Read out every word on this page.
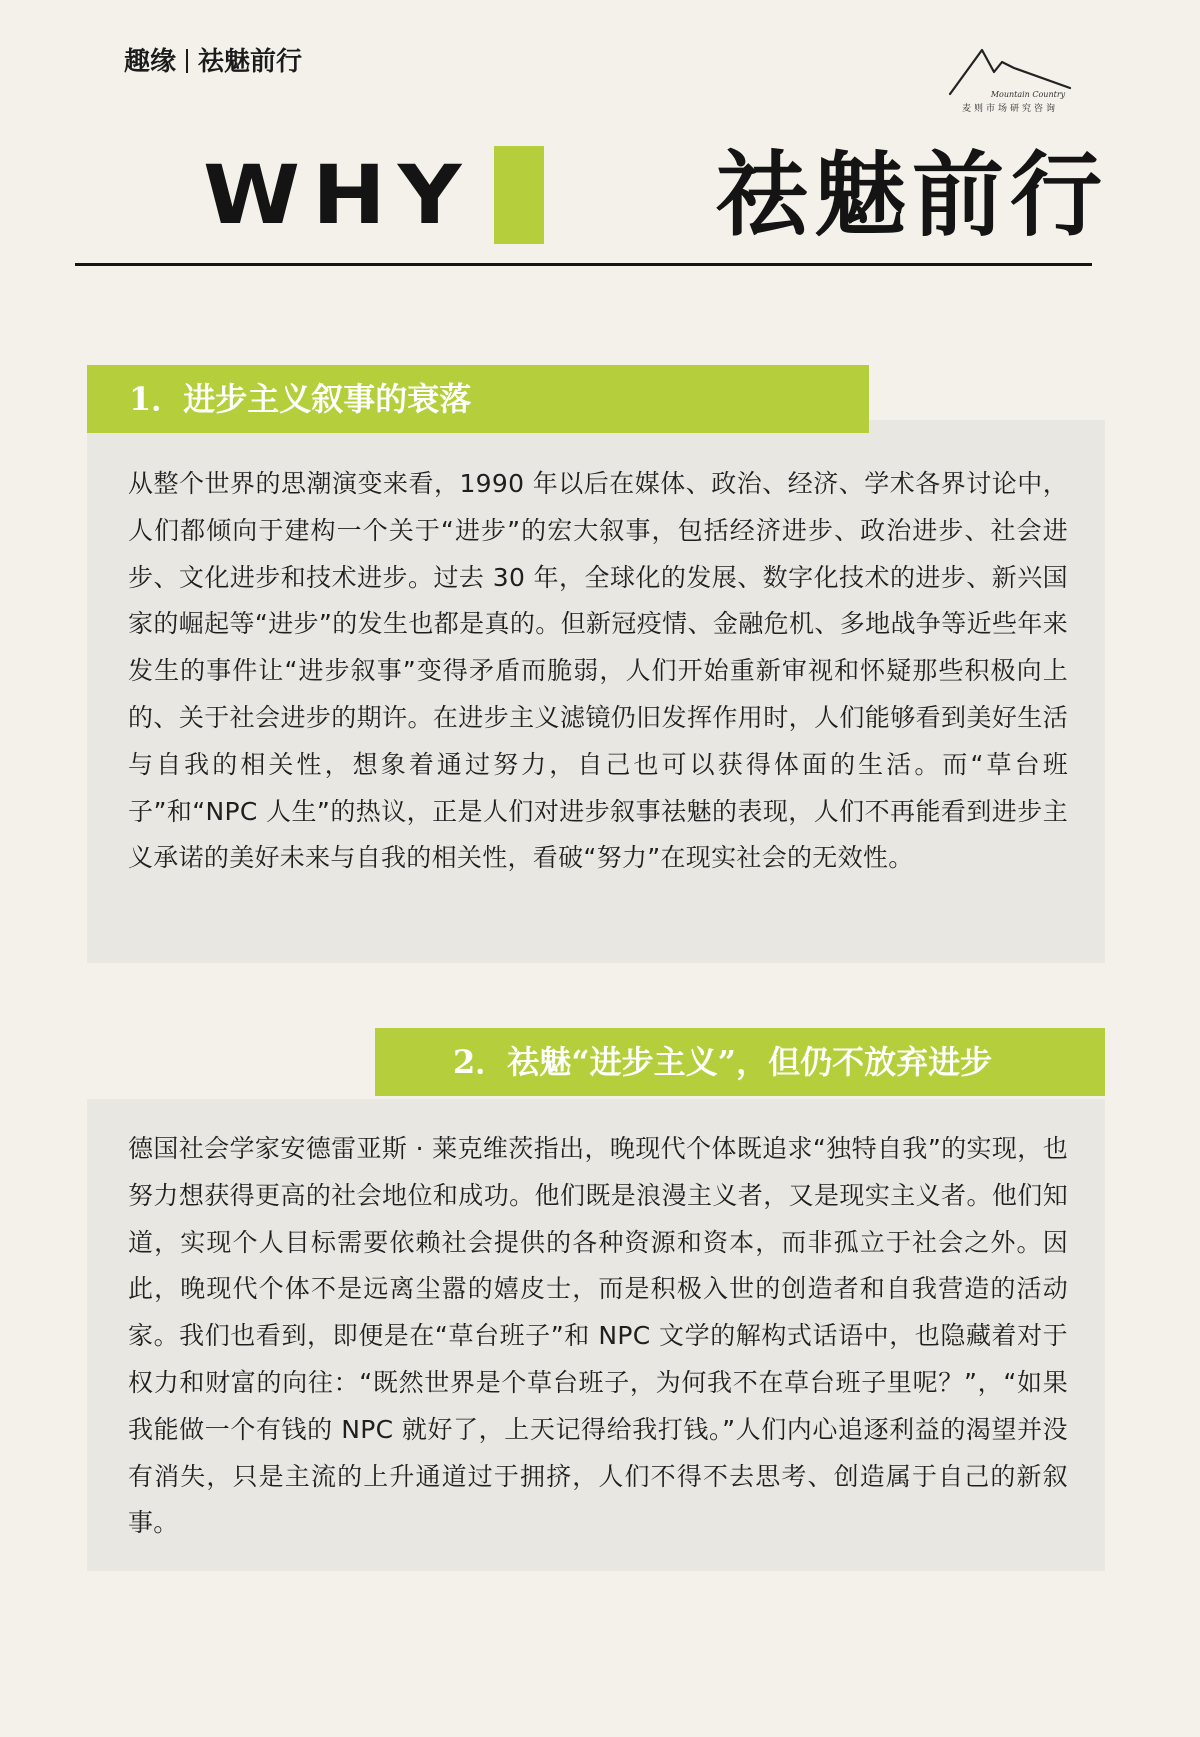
趣缘 祛魅前行
Mountain Country
麦则市场研究咨询
WHY	祛魅前行
1．进步主义叙事的衰落
从整个世界的思潮演变来看，1990 年以后在媒体、政治、经济、学术各界讨论中，人们都倾向于建构一个关于“进步”的宏大叙事，包括经济进步、政治进步、社会进步、文化进步和技术进步。过去 30 年，全球化的发展、数字化技术的进步、新兴国家的崛起等“进步”的发生也都是真的。但新冠疫情、金融危机、多地战争等近些年来发生的事件让“进步叙事”变得矛盾而脆弱，人们开始重新审视和怀疑那些积极向上的、关于社会进步的期许。在进步主义滤镜仍旧发挥作用时，人们能够看到美好生活与自我的相关性，想象着通过努力，自己也可以获得体面的生活。而“草台班子”和“NPC 人生”的热议，正是人们对进步叙事祛魅的表现，人们不再能看到进步主义承诺的美好未来与自我的相关性，看破“努力”在现实社会的无效性。
2．祛魅“进步主义”，但仍不放弃进步
德国社会学家安德雷亚斯 · 莱克维茨指出，晚现代个体既追求“独特自我”的实现，也努力想获得更高的社会地位和成功。他们既是浪漫主义者，又是现实主义者。他们知道，实现个人目标需要依赖社会提供的各种资源和资本，而非孤立于社会之外。因此，晚现代个体不是远离尘嚣的嬉皮士，而是积极入世的创造者和自我营造的活动家。我们也看到，即便是在“草台班子”和 NPC 文学的解构式话语中，也隐藏着对于权力和财富的向往：“既然世界是个草台班子，为何我不在草台班子里呢？”，“如果我能做一个有钱的 NPC 就好了，上天记得给我打钱。”人们内心追逐利益的渴望并没有消失，只是主流的上升通道过于拥挤，人们不得不去思考、创造属于自己的新叙事。
